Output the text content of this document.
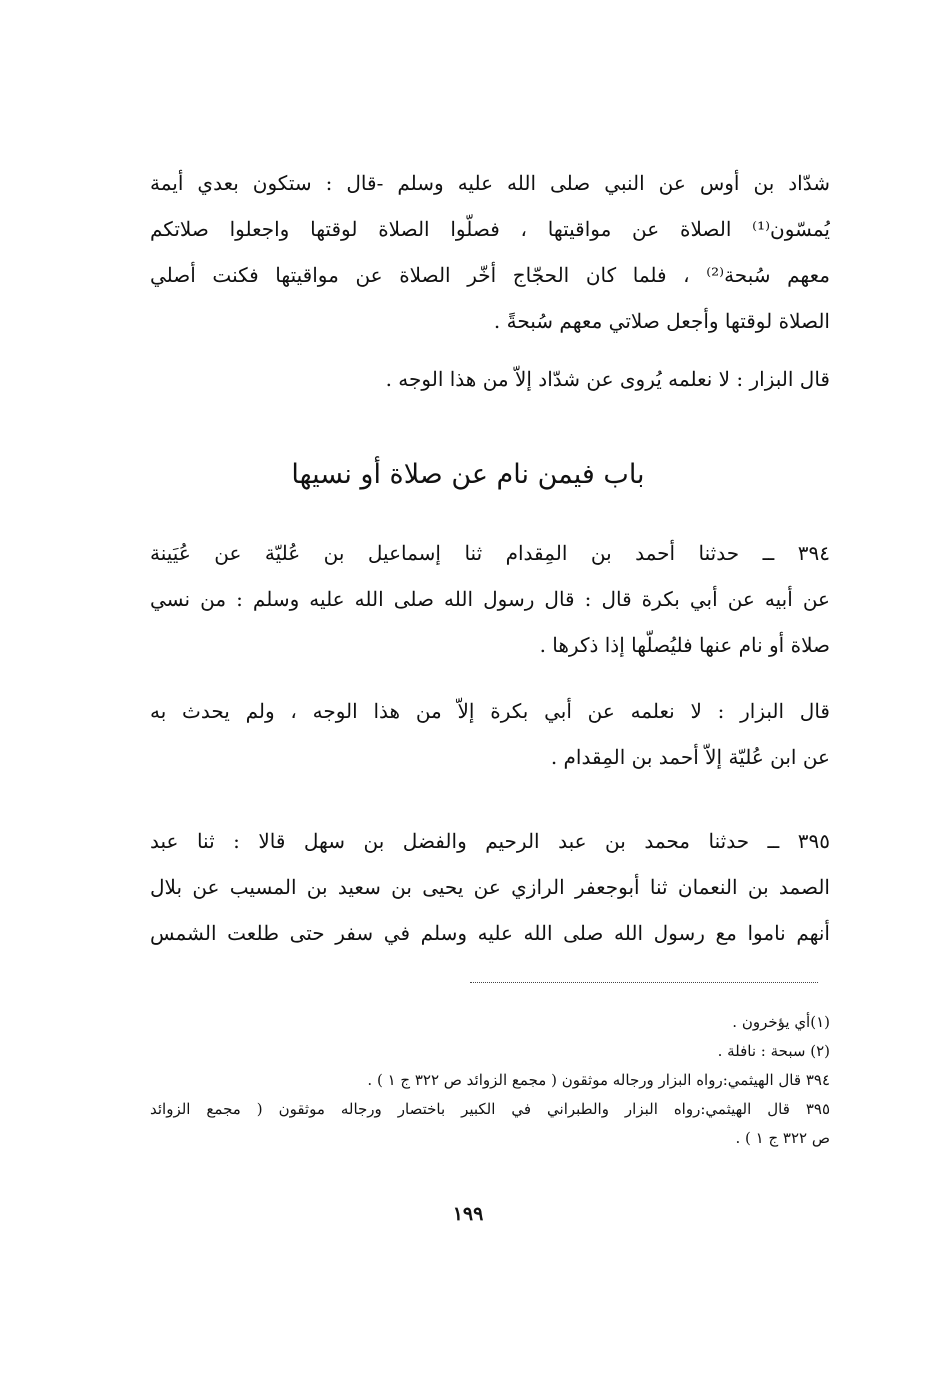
شدّاد بن أوس عن النبي صلى الله عليه وسلم -قال : ستكون بعدي أيمة
يُمسّون⁽¹⁾ الصلاة عن مواقيتها ، فصلّوا الصلاة لوقتها واجعلوا صلاتكم
معهم سُبحة⁽²⁾ ، فلما كان الحجّاج أخّر الصلاة عن مواقيتها فكنت أصلي
الصلاة لوقتها وأجعل صلاتي معهم سُبحةً .
قال البزار : لا نعلمه يُروى عن شدّاد إلاّ من هذا الوجه .
باب فيمن نام عن صلاة أو نسيها
٣٩٤ ــ حدثنا أحمد بن المِقدام ثنا إسماعيل بن عُليّة عن عُيَينة
عن أبيه عن أبي بكرة قال : قال رسول الله صلى الله عليه وسلم : من نسي
صلاة أو نام عنها فليُصلّها إذا ذكرها .
قال البزار : لا نعلمه عن أبي بكرة إلاّ من هذا الوجه ، ولم يحدث به
عن ابن عُليّة إلاّ أحمد بن المِقدام .
٣٩٥ ــ حدثنا محمد بن عبد الرحيم والفضل بن سهل قالا : ثنا عبد
الصمد بن النعمان ثنا أبوجعفر الرازي عن يحيى بن سعيد بن المسيب عن بلال
أنهم ناموا مع رسول الله صلى الله عليه وسلم في سفر حتى طلعت الشمس
(١)أي يؤخرون .
(٢) سبحة : نافلة .
٣٩٤ قال الهيثمي:رواه البزار ورجاله موثقون ( مجمع الزوائد ص ٣٢٢ ج ١ ) .
٣٩٥ قال الهيثمي:رواه البزار والطبراني في الكبير باختصار ورجاله موثقون ( مجمع الزوائد
ص ٣٢٢ ج ١ ) .
١٩٩
